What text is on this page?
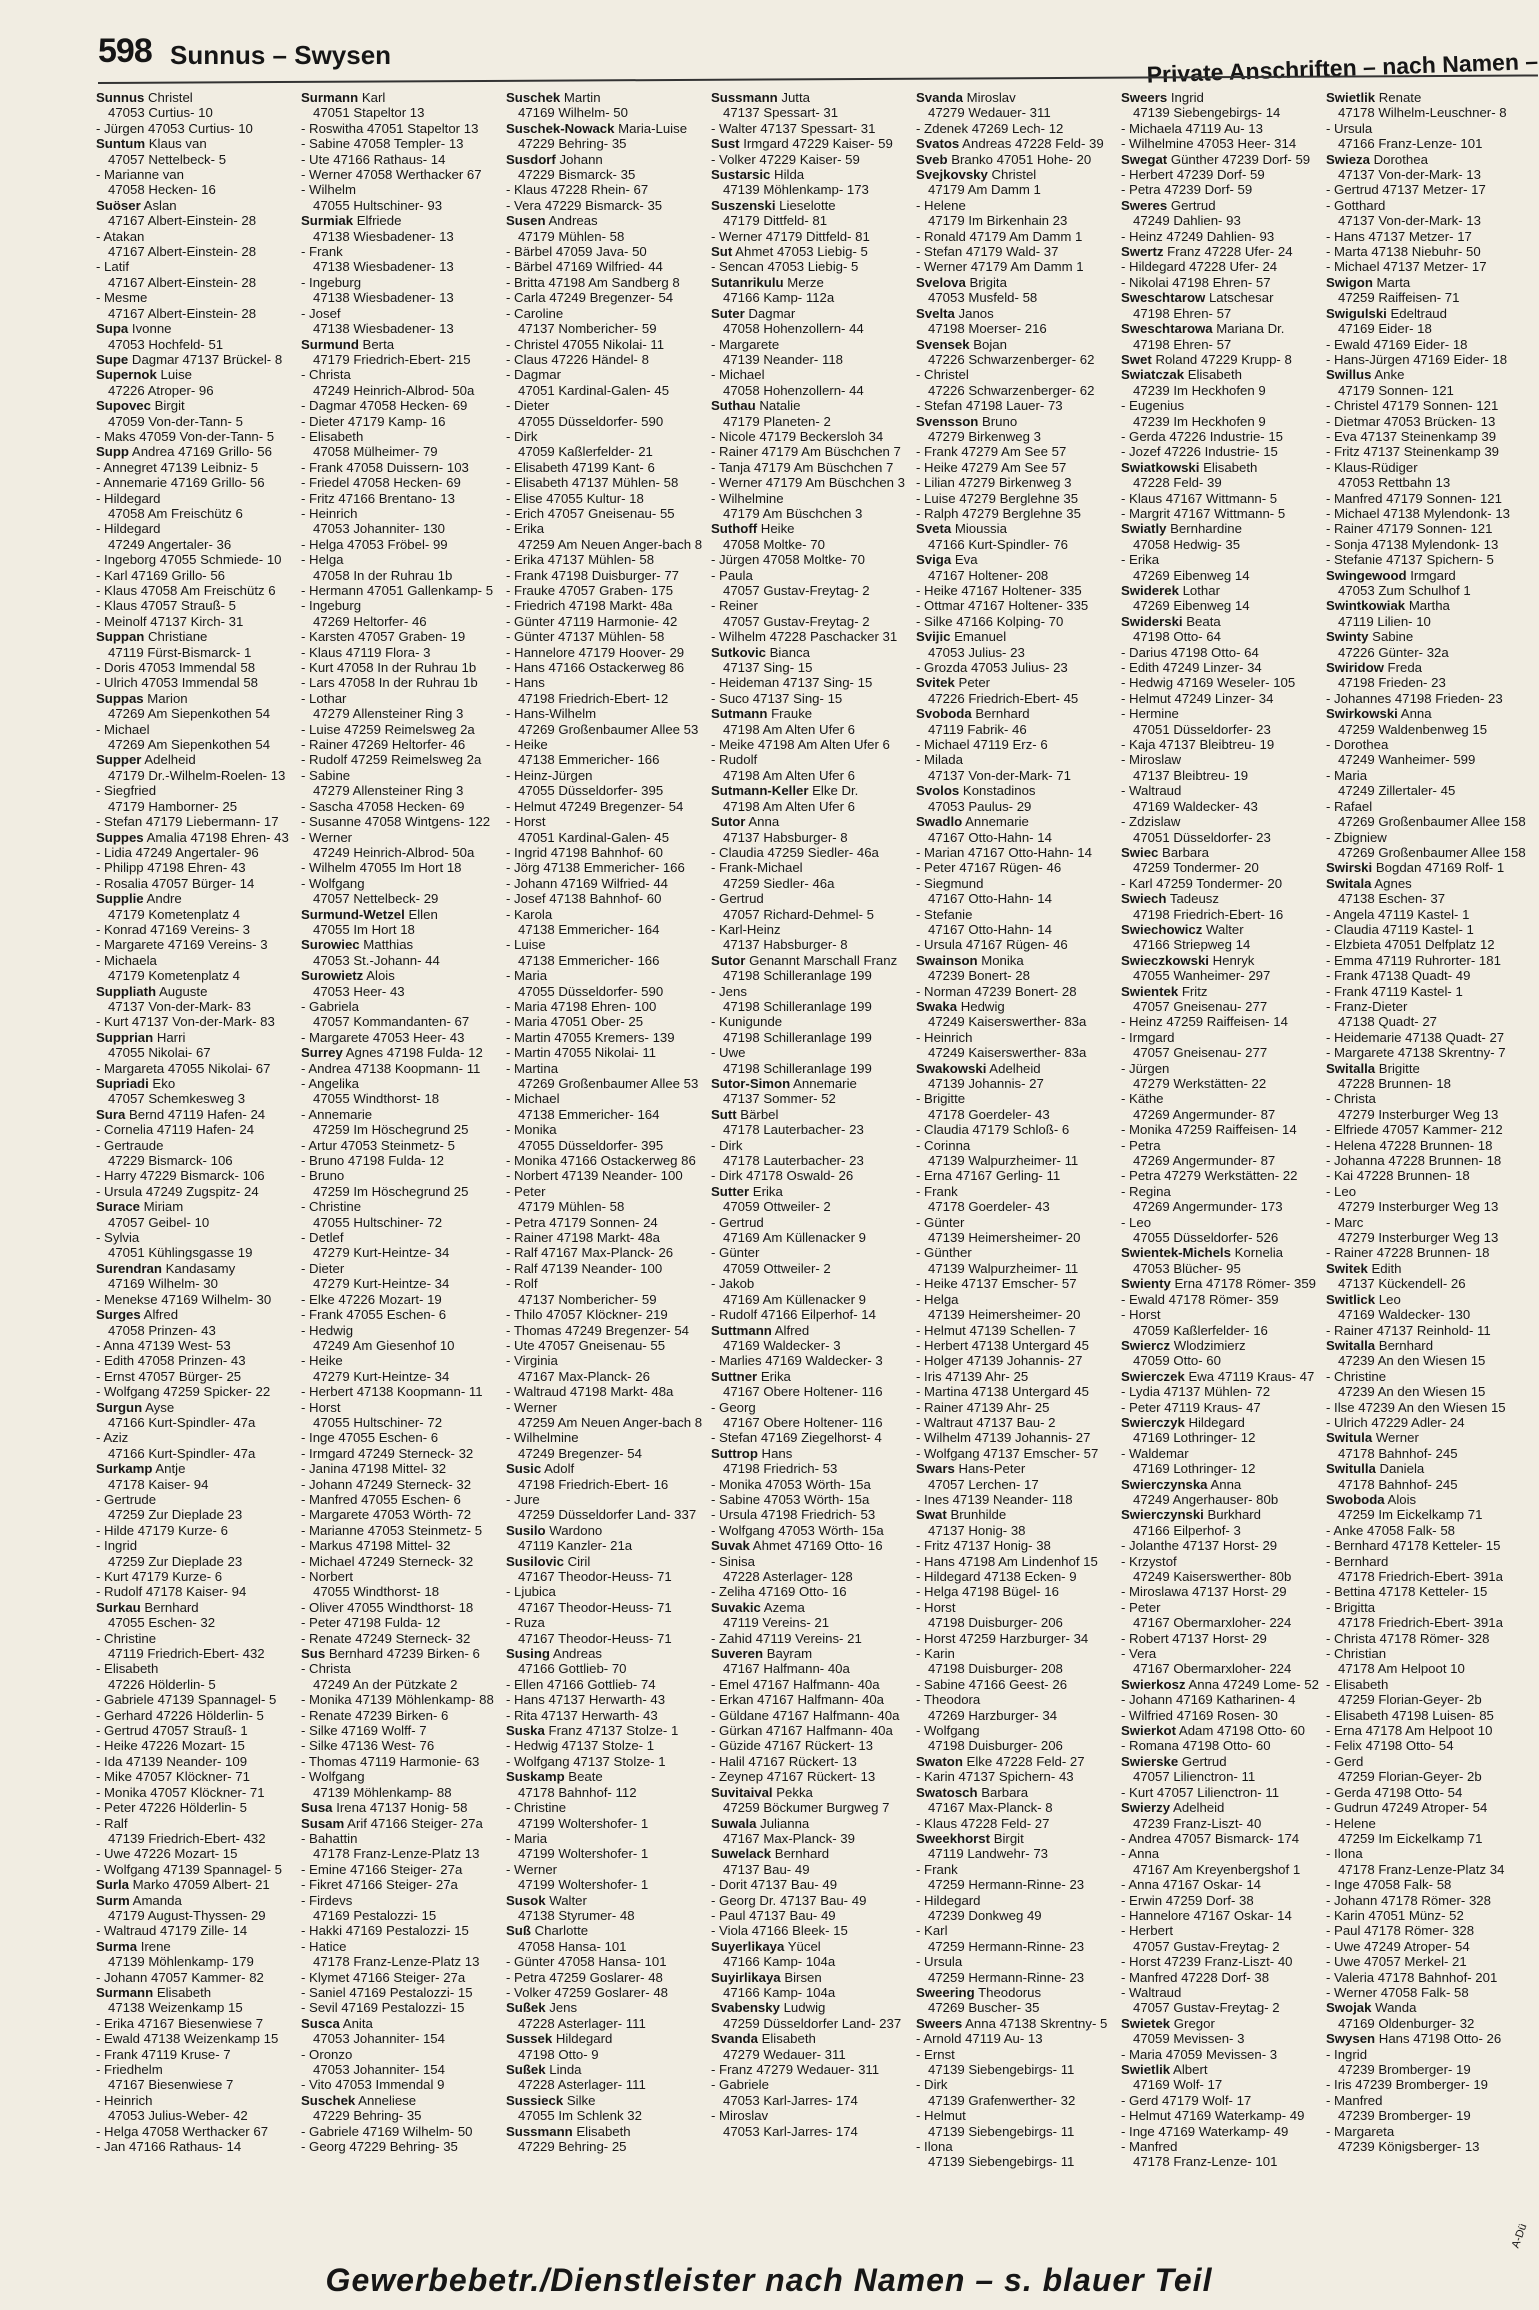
598 Sunnus – Swysen	Private Anschriften – nach Namen –
Sunnus Christel
47053 Curtius- 10
- Jürgen 47053 Curtius- 10
Suntum Klaus van
47057 Nettelbeck- 5
- Marianne van
47058 Hecken- 16
Suöser Aslan
47167 Albert-Einstein- 28
- Atakan
47167 Albert-Einstein- 28
- Latif
47167 Albert-Einstein- 28
- Mesme
47167 Albert-Einstein- 28
Supa Ivonne
47053 Hochfeld- 51
Supe Dagmar 47137 Brückel- 8
Supernok Luise
47226 Atroper- 96
Supovec Birgit
47059 Von-der-Tann- 5
- Maks 47059 Von-der-Tann- 5
Supp Andrea 47169 Grillo- 56
- Annegret 47139 Leibniz- 5
- Annemarie 47169 Grillo- 56
- Hildegard
47058 Am Freischütz 6
- Hildegard
47249 Angertaler- 36
- Ingeborg 47055 Schmiede- 10
- Karl 47169 Grillo- 56
- Klaus 47058 Am Freischütz 6
- Klaus 47057 Strauß- 5
- Meinolf 47137 Kirch- 31
Suppan Christiane
47119 Fürst-Bismarck- 1
- Doris 47053 Immendal 58
- Ulrich 47053 Immendal 58
Suppas Marion
47269 Am Siepenkothen 54
- Michael
47269 Am Siepenkothen 54
Supper Adelheid
47179 Dr.-Wilhelm-Roelen- 13
- Siegfried
47179 Hamborner- 25
- Stefan 47179 Liebermann- 17
Suppes Amalia 47198 Ehren- 43
- Lidia 47249 Angertaler- 96
- Philipp 47198 Ehren- 43
- Rosalia 47057 Bürger- 14
Supplie Andre
47179 Kometenplatz 4
- Konrad 47169 Vereins- 3
- Margarete 47169 Vereins- 3
- Michaela
47179 Kometenplatz 4
Suppliath Auguste
47137 Von-der-Mark- 83
- Kurt 47137 Von-der-Mark- 83
Supprian Harri
47055 Nikolai- 67
- Margareta 47055 Nikolai- 67
Supriadi Eko
47057 Schemkesweg 3
Sura Bernd 47119 Hafen- 24
- Cornelia 47119 Hafen- 24
- Gertraude
47229 Bismarck- 106
- Harry 47229 Bismarck- 106
- Ursula 47249 Zugspitz- 24
Surace Miriam
47057 Geibel- 10
- Sylvia
47051 Kühlingsgasse 19
Surendran Kandasamy
47169 Wilhelm- 30
- Menekse 47169 Wilhelm- 30
Surges Alfred
47058 Prinzen- 43
- Anna 47139 West- 53
- Edith 47058 Prinzen- 43
- Ernst 47057 Bürger- 25
- Wolfgang 47259 Spicker- 22
Surgun Ayse
47166 Kurt-Spindler- 47a
- Aziz
47166 Kurt-Spindler- 47a
Surkamp Antje
47178 Kaiser- 94
- Gertrude
47259 Zur Dieplade 23
- Hilde 47179 Kurze- 6
- Ingrid
47259 Zur Dieplade 23
- Kurt 47179 Kurze- 6
- Rudolf 47178 Kaiser- 94
Surkau Bernhard
47055 Eschen- 32
- Christine
47119 Friedrich-Ebert- 432
- Elisabeth
47226 Hölderlin- 5
- Gabriele 47139 Spannagel- 5
- Gerhard 47226 Hölderlin- 5
- Gertrud 47057 Strauß- 1
- Heike 47226 Mozart- 15
- Ida 47139 Neander- 109
- Mike 47057 Klöckner- 71
- Monika 47057 Klöckner- 71
- Peter 47226 Hölderlin- 5
- Ralf
47139 Friedrich-Ebert- 432
- Uwe 47226 Mozart- 15
- Wolfgang 47139 Spannagel- 5
Surla Marko 47059 Albert- 21
Surm Amanda
47179 August-Thyssen- 29
- Waltraud 47179 Zille- 14
Surma Irene
47139 Möhlenkamp- 179
- Johann 47057 Kammer- 82
Surmann Elisabeth
47138 Weizenkamp 15
- Erika 47167 Biesenwiese 7
- Ewald 47138 Weizenkamp 15
- Frank 47119 Kruse- 7
- Friedhelm
47167 Biesenwiese 7
- Heinrich
47053 Julius-Weber- 42
- Helga 47058 Werthacker 67
- Jan 47166 Rathaus- 14
Surmann Karl
47051 Stapeltor 13
- Roswitha 47051 Stapeltor 13
- Sabine 47058 Templer- 13
- Ute 47166 Rathaus- 14
- Werner 47058 Werthacker 67
- Wilhelm
47055 Hultschiner- 93
Surmiak Elfriede
47138 Wiesbadener- 13
- Frank
47138 Wiesbadener- 13
- Ingeburg
47138 Wiesbadener- 13
- Josef
47138 Wiesbadener- 13
Surmund Berta
47179 Friedrich-Ebert- 215
- Christa
47249 Heinrich-Albrod- 50a
- Dagmar 47058 Hecken- 69
- Dieter 47179 Kamp- 16
- Elisabeth
47058 Mülheimer- 79
- Frank 47058 Duissern- 103
- Friedel 47058 Hecken- 69
- Fritz 47166 Brentano- 13
- Heinrich
47053 Johanniter- 130
- Helga 47053 Fröbel- 99
- Helga
47058 In der Ruhrau 1b
- Hermann 47051 Gallenkamp- 5
- Ingeburg
47269 Heltorfer- 46
- Karsten 47057 Graben- 19
- Klaus 47119 Flora- 3
- Kurt 47058 In der Ruhrau 1b
- Lars 47058 In der Ruhrau 1b
- Lothar
47279 Allensteiner Ring 3
- Luise 47259 Reimelsweg 2a
- Rainer 47269 Heltorfer- 46
- Rudolf 47259 Reimelsweg 2a
- Sabine
47279 Allensteiner Ring 3
- Sascha 47058 Hecken- 69
- Susanne 47058 Wintgens- 122
- Werner
47249 Heinrich-Albrod- 50a
- Wilhelm 47055 Im Hort 18
- Wolfgang
47057 Nettelbeck- 29
Surmund-Wetzel Ellen
47055 Im Hort 18
Surowiec Matthias
47053 St.-Johann- 44
Surowietz Alois
47053 Heer- 43
- Gabriela
47057 Kommandanten- 67
- Margarete 47053 Heer- 43
Surrey Agnes 47198 Fulda- 12
- Andrea 47138 Koopmann- 11
- Angelika
47055 Windthorst- 18
- Annemarie
47259 Im Höschegrund 25
- Artur 47053 Steinmetz- 5
- Bruno 47198 Fulda- 12
- Bruno
47259 Im Höschegrund 25
- Christine
47055 Hultschiner- 72
- Detlef
47279 Kurt-Heintze- 34
- Dieter
47279 Kurt-Heintze- 34
- Elke 47226 Mozart- 19
- Frank 47055 Eschen- 6
- Hedwig
47249 Am Giesenhof 10
- Heike
47279 Kurt-Heintze- 34
- Herbert 47138 Koopmann- 11
- Horst
47055 Hultschiner- 72
- Inge 47055 Eschen- 6
- Irmgard 47249 Sterneck- 32
- Janina 47198 Mittel- 32
- Johann 47249 Sterneck- 32
- Manfred 47055 Eschen- 6
- Margarete 47053 Wörth- 72
- Marianne 47053 Steinmetz- 5
- Markus 47198 Mittel- 32
- Michael 47249 Sterneck- 32
- Norbert
47055 Windthorst- 18
- Oliver 47055 Windthorst- 18
- Peter 47198 Fulda- 12
- Renate 47249 Sterneck- 32
Sus Bernhard 47239 Birken- 6
- Christa
47249 An der Pützkate 2
- Monika 47139 Möhlenkamp- 88
- Renate 47239 Birken- 6
- Silke 47169 Wolff- 7
- Silke 47136 West- 76
- Thomas 47119 Harmonie- 63
- Wolfgang
47139 Möhlenkamp- 88
Susa Irena 47137 Honig- 58
Susam Arif 47166 Steiger- 27a
- Bahattin
47178 Franz-Lenze-Platz 13
- Emine 47166 Steiger- 27a
- Fikret 47166 Steiger- 27a
- Firdevs
47169 Pestalozzi- 15
- Hakki 47169 Pestalozzi- 15
- Hatice
47178 Franz-Lenze-Platz 13
- Klymet 47166 Steiger- 27a
- Saniel 47169 Pestalozzi- 15
- Sevil 47169 Pestalozzi- 15
Susca Anita
47053 Johanniter- 154
- Oronzo
47053 Johanniter- 154
- Vito 47053 Immendal 9
Suschek Anneliese
47229 Behring- 35
- Gabriele 47169 Wilhelm- 50
- Georg 47229 Behring- 35
Suschek Martin
47169 Wilhelm- 50
Suschek-Nowack Maria-Luise
47229 Behring- 35
Susdorf Johann
47229 Bismarck- 35
- Klaus 47228 Rhein- 67
- Vera 47229 Bismarck- 35
Susen Andreas
47179 Mühlen- 58
- Bärbel 47059 Java- 50
- Bärbel 47169 Wilfried- 44
- Britta 47198 Am Sandberg 8
- Carla 47249 Bregenzer- 54
- Caroline
47137 Nombericher- 59
- Christel 47055 Nikolai- 11
- Claus 47226 Händel- 8
- Dagmar
47051 Kardinal-Galen- 45
- Dieter
47055 Düsseldorfer- 590
- Dirk
47059 Kaßlerfelder- 21
- Elisabeth 47199 Kant- 6
- Elisabeth 47137 Mühlen- 58
- Elise 47055 Kultur- 18
- Erich 47057 Gneisenau- 55
- Erika
47259 Am Neuen Anger-bach 8
- Erika 47137 Mühlen- 58
- Frank 47198 Duisburger- 77
- Frauke 47057 Graben- 175
- Friedrich 47198 Markt- 48a
- Günter 47119 Harmonie- 42
- Günter 47137 Mühlen- 58
- Hannelore 47179 Hoover- 29
- Hans 47166 Ostackerweg 86
- Hans
47198 Friedrich-Ebert- 12
- Hans-Wilhelm
47269 Großenbaumer Allee 53
- Heike
47138 Emmericher- 166
- Heinz-Jürgen
47055 Düsseldorfer- 395
- Helmut 47249 Bregenzer- 54
- Horst
47051 Kardinal-Galen- 45
- Ingrid 47198 Bahnhof- 60
- Jörg 47138 Emmericher- 166
- Johann 47169 Wilfried- 44
- Josef 47138 Bahnhof- 60
- Karola
47138 Emmericher- 164
- Luise
47138 Emmericher- 166
- Maria
47055 Düsseldorfer- 590
- Maria 47198 Ehren- 100
- Maria 47051 Ober- 25
- Martin 47055 Kremers- 139
- Martin 47055 Nikolai- 11
- Martina
47269 Großenbaumer Allee 53
- Michael
47138 Emmericher- 164
- Monika
47055 Düsseldorfer- 395
- Monika 47166 Ostackerweg 86
- Norbert 47139 Neander- 100
- Peter
47179 Mühlen- 58
- Petra 47179 Sonnen- 24
- Rainer 47198 Markt- 48a
- Ralf 47167 Max-Planck- 26
- Ralf 47139 Neander- 100
- Rolf
47137 Nombericher- 59
- Thilo 47057 Klöckner- 219
- Thomas 47249 Bregenzer- 54
- Ute 47057 Gneisenau- 55
- Virginia
47167 Max-Planck- 26
- Waltraud 47198 Markt- 48a
- Werner
47259 Am Neuen Anger-bach 8
- Wilhelmine
47249 Bregenzer- 54
Susic Adolf
47198 Friedrich-Ebert- 16
- Jure
47259 Düsseldorfer Land- 337
Susilo Wardono
47119 Kanzler- 21a
Susilovic Ciril
47167 Theodor-Heuss- 71
- Ljubica
47167 Theodor-Heuss- 71
- Ruza
47167 Theodor-Heuss- 71
Susing Andreas
47166 Gottlieb- 70
- Ellen 47166 Gottlieb- 74
- Hans 47137 Herwarth- 43
- Rita 47137 Herwarth- 43
Suska Franz 47137 Stolze- 1
- Hedwig 47137 Stolze- 1
- Wolfgang 47137 Stolze- 1
Suskamp Beate
47178 Bahnhof- 112
- Christine
47199 Woltershofer- 1
- Maria
47199 Woltershofer- 1
- Werner
47199 Woltershofer- 1
Susok Walter
47138 Styrumer- 48
Suß Charlotte
47058 Hansa- 101
- Günter 47058 Hansa- 101
- Petra 47259 Goslarer- 48
- Volker 47259 Goslarer- 48
Sußek Jens
47228 Asterlager- 111
Sussek Hildegard
47198 Otto- 9
Sußek Linda
47228 Asterlager- 111
Sussieck Silke
47055 Im Schlenk 32
Sussmann Elisabeth
47229 Behring- 25
Sussmann Jutta
47137 Spessart- 31
- Walter 47137 Spessart- 31
Sust Irmgard 47229 Kaiser- 59
- Volker 47229 Kaiser- 59
Sustarsic Hilda
47139 Möhlenkamp- 173
Suszenski Lieselotte
47179 Dittfeld- 81
- Werner 47179 Dittfeld- 81
Sut Ahmet 47053 Liebig- 5
- Sencan 47053 Liebig- 5
Sutanrikulu Merze
47166 Kamp- 112a
Suter Dagmar
47058 Hohenzollern- 44
- Margarete
47139 Neander- 118
- Michael
47058 Hohenzollern- 44
Suthau Natalie
47179 Planeten- 2
- Nicole 47179 Beckersloh 34
- Rainer 47179 Am Büschchen 7
- Tanja 47179 Am Büschchen 7
- Werner 47179 Am Büschchen 3
- Wilhelmine
47179 Am Büschchen 3
Suthoff Heike
47058 Moltke- 70
- Jürgen 47058 Moltke- 70
- Paula
47057 Gustav-Freytag- 2
- Reiner
47057 Gustav-Freytag- 2
- Wilhelm 47228 Paschacker 31
Sutkovic Bianca
47137 Sing- 15
- Heideman 47137 Sing- 15
- Suco 47137 Sing- 15
Sutmann Frauke
47198 Am Alten Ufer 6
- Meike 47198 Am Alten Ufer 6
- Rudolf
47198 Am Alten Ufer 6
Sutmann-Keller Elke Dr.
47198 Am Alten Ufer 6
Sutor Anna
47137 Habsburger- 8
- Claudia 47259 Siedler- 46a
- Frank-Michael
47259 Siedler- 46a
- Gertrud
47057 Richard-Dehmel- 5
- Karl-Heinz
47137 Habsburger- 8
Sutor Genannt Marschall Franz
47198 Schilleranlage 199
- Jens
47198 Schilleranlage 199
- Kunigunde
47198 Schilleranlage 199
- Uwe
47198 Schilleranlage 199
Sutor-Simon Annemarie
47137 Sommer- 52
Sutt Bärbel
47178 Lauterbacher- 23
- Dirk
47178 Lauterbacher- 23
- Dirk 47178 Oswald- 26
Sutter Erika
47059 Ottweiler- 2
- Gertrud
47169 Am Küllenacker 9
- Günter
47059 Ottweiler- 2
- Jakob
47169 Am Küllenacker 9
- Rudolf 47166 Eilperhof- 14
Suttmann Alfred
47169 Waldecker- 3
- Marlies 47169 Waldecker- 3
Suttner Erika
47167 Obere Holtener- 116
- Georg
47167 Obere Holtener- 116
- Stefan 47169 Ziegelhorst- 4
Suttrop Hans
47198 Friedrich- 53
- Monika 47053 Wörth- 15a
- Sabine 47053 Wörth- 15a
- Ursula 47198 Friedrich- 53
- Wolfgang 47053 Wörth- 15a
Suvak Ahmet 47169 Otto- 16
- Sinisa
47228 Asterlager- 128
- Zeliha 47169 Otto- 16
Suvakic Azema
47119 Vereins- 21
- Zahid 47119 Vereins- 21
Suveren Bayram
47167 Halfmann- 40a
- Emel 47167 Halfmann- 40a
- Erkan 47167 Halfmann- 40a
- Güldane 47167 Halfmann- 40a
- Gürkan 47167 Halfmann- 40a
- Güzide 47167 Rückert- 13
- Halil 47167 Rückert- 13
- Zeynep 47167 Rückert- 13
Suvitaival Pekka
47259 Böckumer Burgweg 7
Suwala Julianna
47167 Max-Planck- 39
Suwelack Bernhard
47137 Bau- 49
- Dorit 47137 Bau- 49
- Georg Dr. 47137 Bau- 49
- Paul 47137 Bau- 49
- Viola 47166 Bleek- 15
Suyerlikaya Yücel
47166 Kamp- 104a
Suyirlikaya Birsen
47166 Kamp- 104a
Svabensky Ludwig
47259 Düsseldorfer Land- 237
Svanda Elisabeth
47279 Wedauer- 311
- Franz 47279 Wedauer- 311
- Gabriele
47053 Karl-Jarres- 174
- Miroslav
47053 Karl-Jarres- 174
Svanda Miroslav
47279 Wedauer- 311
- Zdenek 47269 Lech- 12
Svatos Andreas 47228 Feld- 39
Sveb Branko 47051 Hohe- 20
Svejkovsky Christel
47179 Am Damm 1
- Helene
47179 Im Birkenhain 23
- Ronald 47179 Am Damm 1
- Stefan 47179 Wald- 37
- Werner 47179 Am Damm 1
Svelova Brigita
47053 Musfeld- 58
Svelta Janos
47198 Moerser- 216
Svensek Bojan
47226 Schwarzenberger- 62
- Christel
47226 Schwarzenberger- 62
- Stefan 47198 Lauer- 73
Svensson Bruno
47279 Birkenweg 3
- Frank 47279 Am See 57
- Heike 47279 Am See 57
- Lilian 47279 Birkenweg 3
- Luise 47279 Berglehne 35
- Ralph 47279 Berglehne 35
Sveta Mioussia
47166 Kurt-Spindler- 76
Sviga Eva
47167 Holtener- 208
- Heike 47167 Holtener- 335
- Ottmar 47167 Holtener- 335
- Silke 47166 Kolping- 70
Svijic Emanuel
47053 Julius- 23
- Grozda 47053 Julius- 23
Svitek Peter
47226 Friedrich-Ebert- 45
Svoboda Bernhard
47119 Fabrik- 46
- Michael 47119 Erz- 6
- Milada
47137 Von-der-Mark- 71
Svolos Konstadinos
47053 Paulus- 29
Swadlo Annemarie
47167 Otto-Hahn- 14
- Marian 47167 Otto-Hahn- 14
- Peter 47167 Rügen- 46
- Siegmund
47167 Otto-Hahn- 14
- Stefanie
47167 Otto-Hahn- 14
- Ursula 47167 Rügen- 46
Swainson Monika
47239 Bonert- 28
- Norman 47239 Bonert- 28
Swaka Hedwig
47249 Kaiserswerther- 83a
- Heinrich
47249 Kaiserswerther- 83a
Swakowski Adelheid
47139 Johannis- 27
- Brigitte
47178 Goerdeler- 43
- Claudia 47179 Schloß- 6
- Corinna
47139 Walpurzheimer- 11
- Erna 47167 Gerling- 11
- Frank
47178 Goerdeler- 43
- Günter
47139 Heimersheimer- 20
- Günther
47139 Walpurzheimer- 11
- Heike 47137 Emscher- 57
- Helga
47139 Heimersheimer- 20
- Helmut 47139 Schellen- 7
- Herbert 47138 Untergard 45
- Holger 47139 Johannis- 27
- Iris 47139 Ahr- 25
- Martina 47138 Untergard 45
- Rainer 47139 Ahr- 25
- Waltraut 47137 Bau- 2
- Wilhelm 47139 Johannis- 27
- Wolfgang 47137 Emscher- 57
Swars Hans-Peter
47057 Lerchen- 17
- Ines 47139 Neander- 118
Swat Brunhilde
47137 Honig- 38
- Fritz 47137 Honig- 38
- Hans 47198 Am Lindenhof 15
- Hildegard 47138 Ecken- 9
- Helga 47198 Bügel- 16
- Horst
47198 Duisburger- 206
- Horst 47259 Harzburger- 34
- Karin
47198 Duisburger- 208
- Sabine 47166 Geest- 26
- Theodora
47269 Harzburger- 34
- Wolfgang
47198 Duisburger- 206
Swaton Elke 47228 Feld- 27
- Karin 47137 Spichern- 43
Swatosch Barbara
47167 Max-Planck- 8
- Klaus 47228 Feld- 27
Sweekhorst Birgit
47119 Landwehr- 73
- Frank
47259 Hermann-Rinne- 23
- Hildegard
47239 Donkweg 49
- Karl
47259 Hermann-Rinne- 23
- Ursula
47259 Hermann-Rinne- 23
Sweering Theodorus
47269 Buscher- 35
Sweers Anna 47138 Skrentny- 5
- Arnold 47119 Au- 13
- Ernst
47139 Siebengebirgs- 11
- Dirk
47139 Grafenwerther- 32
- Helmut
47139 Siebengebirgs- 11
- Ilona
47139 Siebengebirgs- 11
Sweers Ingrid
47139 Siebengebirgs- 14
- Michaela 47119 Au- 13
- Wilhelmine 47053 Heer- 314
Swegat Günther 47239 Dorf- 59
- Herbert 47239 Dorf- 59
- Petra 47239 Dorf- 59
Sweres Gertrud
47249 Dahlien- 93
- Heinz 47249 Dahlien- 93
Swertz Franz 47228 Ufer- 24
- Hildegard 47228 Ufer- 24
- Nikolai 47198 Ehren- 57
Sweschtarow Latschesar
47198 Ehren- 57
Sweschtarowa Mariana Dr.
47198 Ehren- 57
Swet Roland 47229 Krupp- 8
Swiatczak Elisabeth
47239 Im Heckhofen 9
- Eugenius
47239 Im Heckhofen 9
- Gerda 47226 Industrie- 15
- Jozef 47226 Industrie- 15
Swiatkowski Elisabeth
47228 Feld- 39
- Klaus 47167 Wittmann- 5
- Margrit 47167 Wittmann- 5
Swiatly Bernhardine
47058 Hedwig- 35
- Erika
47269 Eibenweg 14
Swiderek Lothar
47269 Eibenweg 14
Swiderski Beata
47198 Otto- 64
- Darius 47198 Otto- 64
- Edith 47249 Linzer- 34
- Hedwig 47169 Weseler- 105
- Helmut 47249 Linzer- 34
- Hermine
47051 Düsseldorfer- 23
- Kaja 47137 Bleibtreu- 19
- Miroslaw
47137 Bleibtreu- 19
- Waltraud
47169 Waldecker- 43
- Zdzislaw
47051 Düsseldorfer- 23
Swiec Barbara
47259 Tondermer- 20
- Karl 47259 Tondermer- 20
Swiech Tadeusz
47198 Friedrich-Ebert- 16
Swiechowicz Walter
47166 Striepweg 14
Swieczkowski Henryk
47055 Wanheimer- 297
Swientek Fritz
47057 Gneisenau- 277
- Heinz 47259 Raiffeisen- 14
- Irmgard
47057 Gneisenau- 277
- Jürgen
47279 Werkstätten- 22
- Käthe
47269 Angermunder- 87
- Monika 47259 Raiffeisen- 14
- Petra
47269 Angermunder- 87
- Petra 47279 Werkstätten- 22
- Regina
47269 Angermunder- 173
- Leo
47055 Düsseldorfer- 526
Swientek-Michels Kornelia
47053 Blücher- 95
Swienty Erna 47178 Römer- 359
- Ewald 47178 Römer- 359
- Horst
47059 Kaßlerfelder- 16
Swiercz Wlodzimierz
47059 Otto- 60
Swierczek Ewa 47119 Kraus- 47
- Lydia 47137 Mühlen- 72
- Peter 47119 Kraus- 47
Swierczyk Hildegard
47169 Lothringer- 12
- Waldemar
47169 Lothringer- 12
Swierczynska Anna
47249 Angerhauser- 80b
Swierczynski Burkhard
47166 Eilperhof- 3
- Jolanthe 47137 Horst- 29
- Krzystof
47249 Kaiserswerther- 80b
- Miroslawa 47137 Horst- 29
- Peter
47167 Obermarxloher- 224
- Robert 47137 Horst- 29
- Vera
47167 Obermarxloher- 224
Swierkosz Anna 47249 Lome- 52
- Johann 47169 Katharinen- 4
- Wilfried 47169 Rosen- 30
Swierkot Adam 47198 Otto- 60
- Romana 47198 Otto- 60
Swierske Gertrud
47057 Lilienctron- 11
- Kurt 47057 Lilienctron- 11
Swierzy Adelheid
47239 Franz-Liszt- 40
- Andrea 47057 Bismarck- 174
- Anna
47167 Am Kreyenbergshof 1
- Anna 47167 Oskar- 14
- Erwin 47259 Dorf- 38
- Hannelore 47167 Oskar- 14
- Herbert
47057 Gustav-Freytag- 2
- Horst 47239 Franz-Liszt- 40
- Manfred 47228 Dorf- 38
- Waltraud
47057 Gustav-Freytag- 2
Swietek Gregor
47059 Mevissen- 3
- Maria 47059 Mevissen- 3
Swietlik Albert
47169 Wolf- 17
- Gerd 47179 Wolf- 17
- Helmut 47169 Waterkamp- 49
- Inge 47169 Waterkamp- 49
- Manfred
47178 Franz-Lenze- 101
Swietlik Renate
47178 Wilhelm-Leuschner- 8
- Ursula
47166 Franz-Lenze- 101
Swieza Dorothea
47137 Von-der-Mark- 13
- Gertrud 47137 Metzer- 17
- Gotthard
47137 Von-der-Mark- 13
- Hans 47137 Metzer- 17
- Marta 47138 Niebuhr- 50
- Michael 47137 Metzer- 17
Swigon Marta
47259 Raiffeisen- 71
Swigulski Edeltraud
47169 Eider- 18
- Ewald 47169 Eider- 18
- Hans-Jürgen 47169 Eider- 18
Swillus Anke
47179 Sonnen- 121
- Christel 47179 Sonnen- 121
- Dietmar 47053 Brücken- 13
- Eva 47137 Steinenkamp 39
- Fritz 47137 Steinenkamp 39
- Klaus-Rüdiger
47053 Rettbahn 13
- Manfred 47179 Sonnen- 121
- Michael 47138 Mylendonk- 13
- Rainer 47179 Sonnen- 121
- Sonja 47138 Mylendonk- 13
- Stefanie 47137 Spichern- 5
Swingewood Irmgard
47053 Zum Schulhof 1
Swintkowiak Martha
47119 Lilien- 10
Swinty Sabine
47226 Günter- 32a
Swiridow Freda
47198 Frieden- 23
- Johannes 47198 Frieden- 23
Swirkowski Anna
47259 Waldenbenweg 15
- Dorothea
47249 Wanheimer- 599
- Maria
47249 Zillertaler- 45
- Rafael
47269 Großenbaumer Allee 158
- Zbigniew
47269 Großenbaumer Allee 158
Swirski Bogdan 47169 Rolf- 1
Switala Agnes
47138 Eschen- 37
- Angela 47119 Kastel- 1
- Claudia 47119 Kastel- 1
- Elzbieta 47051 Delfplatz 12
- Emma 47119 Ruhrorter- 181
- Frank 47138 Quadt- 49
- Frank 47119 Kastel- 1
- Franz-Dieter
47138 Quadt- 27
- Heidemarie 47138 Quadt- 27
- Margarete 47138 Skrentny- 7
Switalla Brigitte
47228 Brunnen- 18
- Christa
47279 Insterburger Weg 13
- Elfriede 47057 Kammer- 212
- Helena 47228 Brunnen- 18
- Johanna 47228 Brunnen- 18
- Kai 47228 Brunnen- 18
- Leo
47279 Insterburger Weg 13
- Marc
47279 Insterburger Weg 13
- Rainer 47228 Brunnen- 18
Switek Edith
47137 Kückendell- 26
Switlick Leo
47169 Waldecker- 130
- Rainer 47137 Reinhold- 11
Switalla Bernhard
47239 An den Wiesen 15
- Christine
47239 An den Wiesen 15
- Ilse 47239 An den Wiesen 15
- Ulrich 47229 Adler- 24
Switula Werner
47178 Bahnhof- 245
Switulla Daniela
47178 Bahnhof- 245
Swoboda Alois
47259 Im Eickelkamp 71
- Anke 47058 Falk- 58
- Bernhard 47178 Ketteler- 15
- Bernhard
47178 Friedrich-Ebert- 391a
- Bettina 47178 Ketteler- 15
- Brigitta
47178 Friedrich-Ebert- 391a
- Christa 47178 Römer- 328
- Christian
47178 Am Helpoot 10
- Elisabeth
47259 Florian-Geyer- 2b
- Elisabeth 47198 Luisen- 85
- Erna 47178 Am Helpoot 10
- Felix 47198 Otto- 54
- Gerd
47259 Florian-Geyer- 2b
- Gerda 47198 Otto- 54
- Gudrun 47249 Atroper- 54
- Helene
47259 Im Eickelkamp 71
- Ilona
47178 Franz-Lenze-Platz 34
- Inge 47058 Falk- 58
- Johann 47178 Römer- 328
- Karin 47051 Münz- 52
- Paul 47178 Römer- 328
- Uwe 47249 Atroper- 54
- Uwe 47057 Merkel- 21
- Valeria 47178 Bahnhof- 201
- Werner 47058 Falk- 58
Swojak Wanda
47169 Oldenburger- 32
Swysen Hans 47198 Otto- 26
- Ingrid
47239 Bromberger- 19
- Iris 47239 Bromberger- 19
- Manfred
47239 Bromberger- 19
- Margareta
47239 Königsberger- 13
Gewerbebetr./Dienstleister nach Namen – s. blauer Teil
A-Dü
